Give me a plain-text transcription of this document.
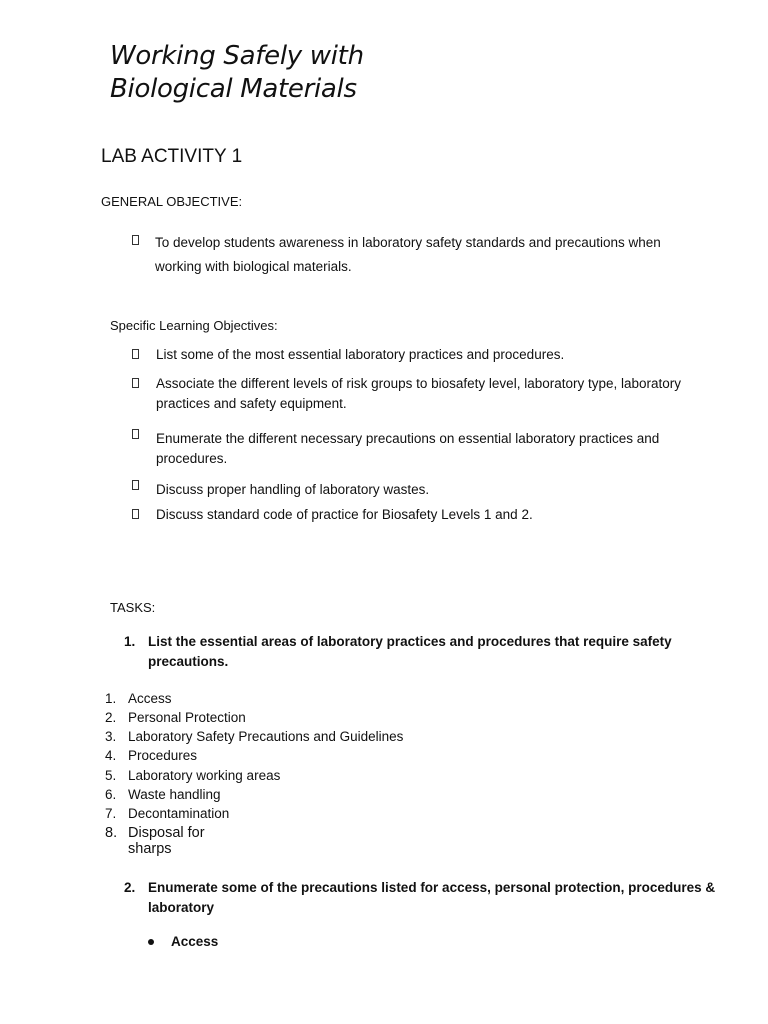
Working Safely with
Biological Materials
LAB ACTIVITY 1
GENERAL OBJECTIVE:
To develop students awareness in laboratory safety standards and precautions when
working with biological materials.
Specific Learning Objectives:
List some of the most essential laboratory practices and procedures.
Associate the different levels of risk groups to biosafety level, laboratory type, laboratory practices and safety equipment.
Enumerate the different necessary precautions on essential laboratory practices and procedures.
Discuss proper handling of laboratory wastes.
Discuss standard code of practice for Biosafety Levels 1 and 2.
TASKS:
1. List the essential areas of laboratory practices and procedures that require safety precautions.
1. Access
2. Personal Protection
3. Laboratory Safety Precautions and Guidelines
4. Procedures
5. Laboratory working areas
6. Waste handling
7. Decontamination
8. Disposal for sharps
2. Enumerate some of the precautions listed for access, personal protection, procedures & laboratory
Access
